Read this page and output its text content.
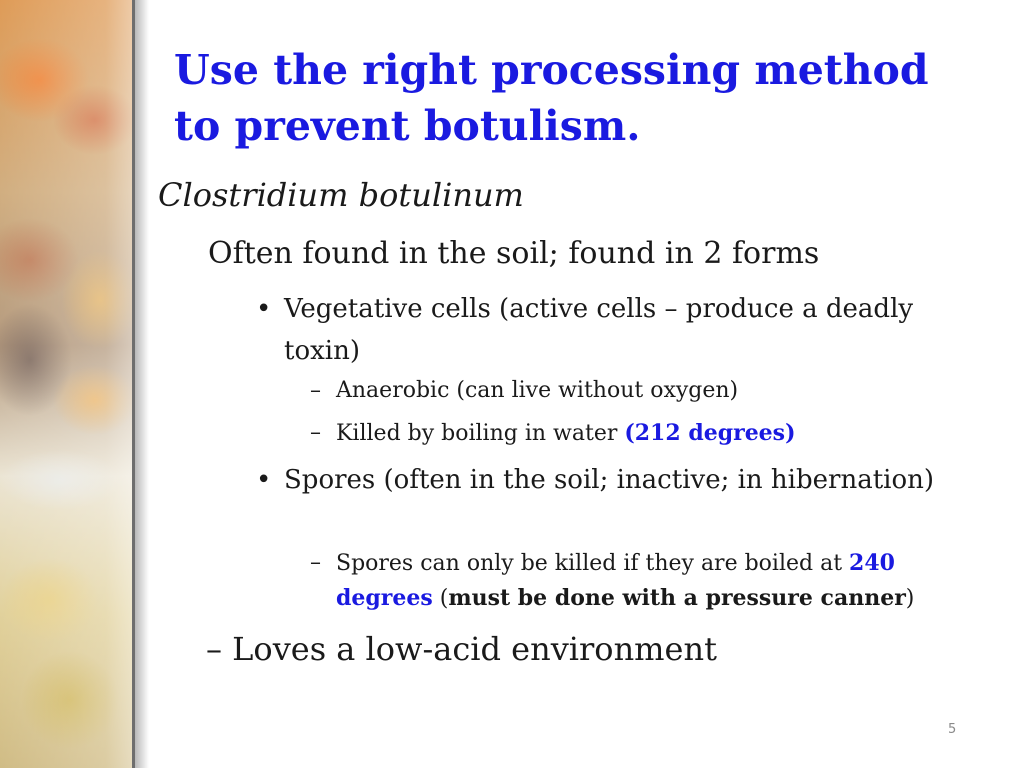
Use the right processing method
to prevent botulism.

Clostridium botulinum

Often found in the soil; found in 2 forms

• Vegetative cells (active cells – produce a deadly toxin)
– Anaerobic (can live without oxygen)
– Killed by boiling in water (212 degrees)
• Spores (often in the soil; inactive; in hibernation)
– Spores can only be killed if they are boiled at 240 degrees (must be done with a pressure canner)

– Loves a low-acid environment

5
